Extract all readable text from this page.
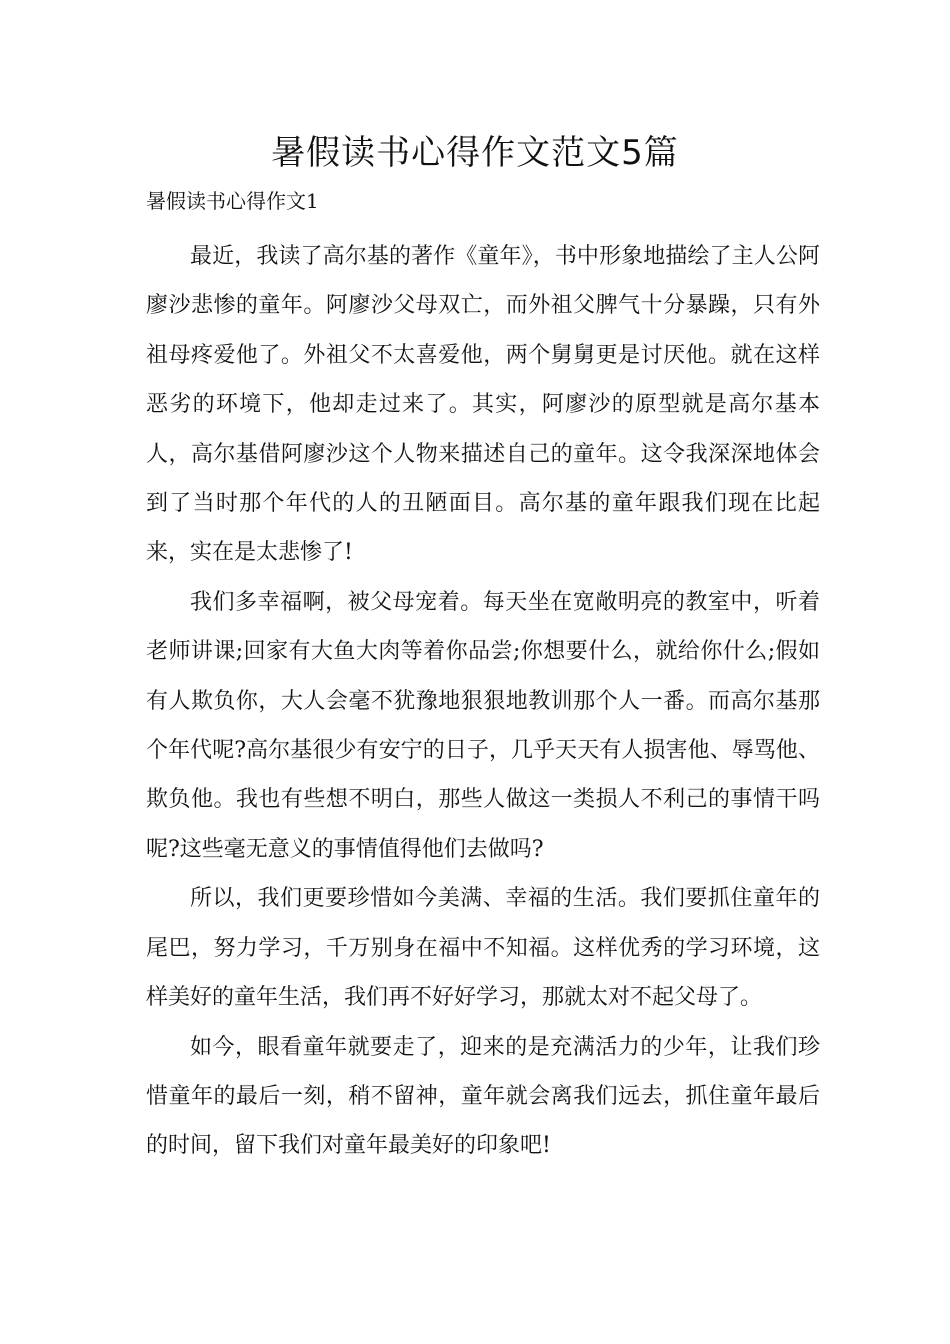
暑假读书心得作文范文5篇

暑假读书心得作文1

最近，我读了高尔基的著作《童年》，书中形象地描绘了主人公阿廖沙悲惨的童年。阿廖沙父母双亡，而外祖父脾气十分暴躁，只有外祖母疼爱他了。外祖父不太喜爱他，两个舅舅更是讨厌他。就在这样恶劣的环境下，他却走过来了。其实，阿廖沙的原型就是高尔基本人，高尔基借阿廖沙这个人物来描述自己的童年。这令我深深地体会到了当时那个年代的人的丑陋面目。高尔基的童年跟我们现在比起来，实在是太悲惨了!

我们多幸福啊，被父母宠着。每天坐在宽敞明亮的教室中，听着老师讲课;回家有大鱼大肉等着你品尝;你想要什么，就给你什么;假如有人欺负你，大人会毫不犹豫地狠狠地教训那个人一番。而高尔基那个年代呢?高尔基很少有安宁的日子，几乎天天有人损害他、辱骂他、欺负他。我也有些想不明白，那些人做这一类损人不利己的事情干吗呢?这些毫无意义的事情值得他们去做吗?

所以，我们更要珍惜如今美满、幸福的生活。我们要抓住童年的尾巴，努力学习，千万别身在福中不知福。这样优秀的学习环境，这样美好的童年生活，我们再不好好学习，那就太对不起父母了。

如今，眼看童年就要走了，迎来的是充满活力的少年，让我们珍惜童年的最后一刻，稍不留神，童年就会离我们远去，抓住童年最后的时间，留下我们对童年最美好的印象吧!
